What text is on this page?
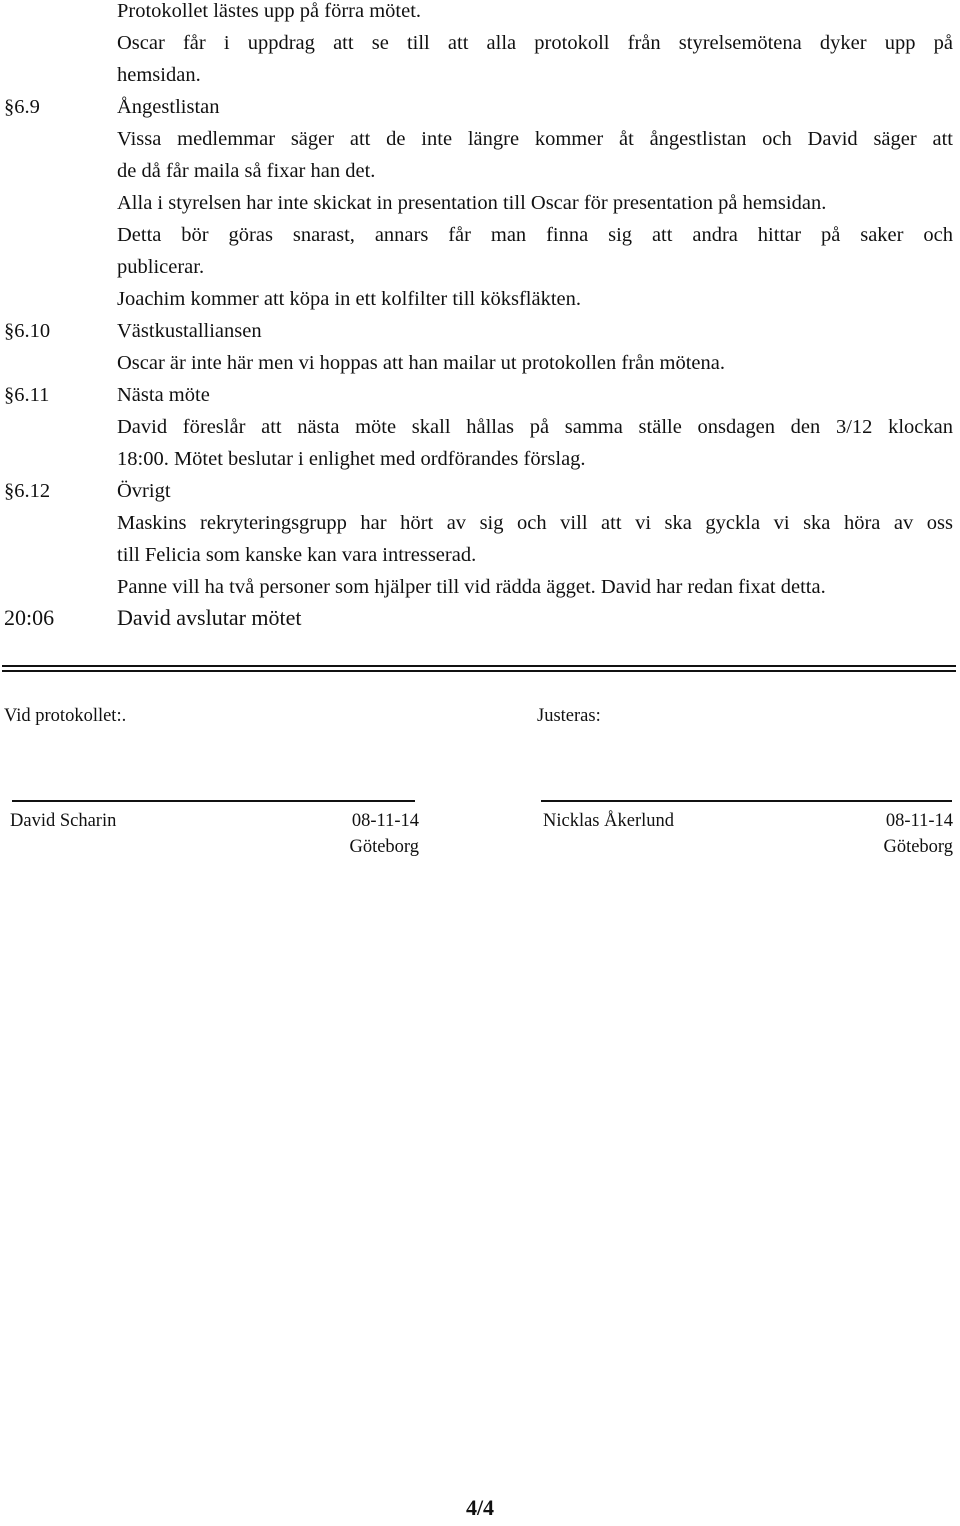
Protokollet lästes upp på förra mötet.
Oscar får i uppdrag att se till att alla protokoll från styrelsemötena dyker upp på
hemsidan.
§6.9	Ångestlistan
Vissa medlemmar säger att de inte längre kommer åt ångestlistan och David säger att
de då får maila så fixar han det.
Alla i styrelsen har inte skickat in presentation till Oscar för presentation på hemsidan.
Detta bör göras snarast, annars får man finna sig att andra hittar på saker och
publicerar.
Joachim kommer att köpa in ett kolfilter till köksfläkten.
§6.10	Västkustalliansen
Oscar är inte här men vi hoppas att han mailar ut protokollen från mötena.
§6.11	Nästa möte
David föreslår att nästa möte skall hållas på samma ställe onsdagen den 3/12 klockan
18:00. Mötet beslutar i enlighet med ordförandes förslag.
§6.12	Övrigt
Maskins rekryteringsgrupp har hört av sig och vill att vi ska gyckla vi ska höra av oss
till Felicia som kanske kan vara intresserad.
Panne vill ha två personer som hjälper till vid rädda ägget. David har redan fixat detta.
20:06	David avslutar mötet
Vid protokollet:.	Justeras:
David Scharin	08-11-14
Göteborg
Nicklas Åkerlund	08-11-14
Göteborg
4/4
